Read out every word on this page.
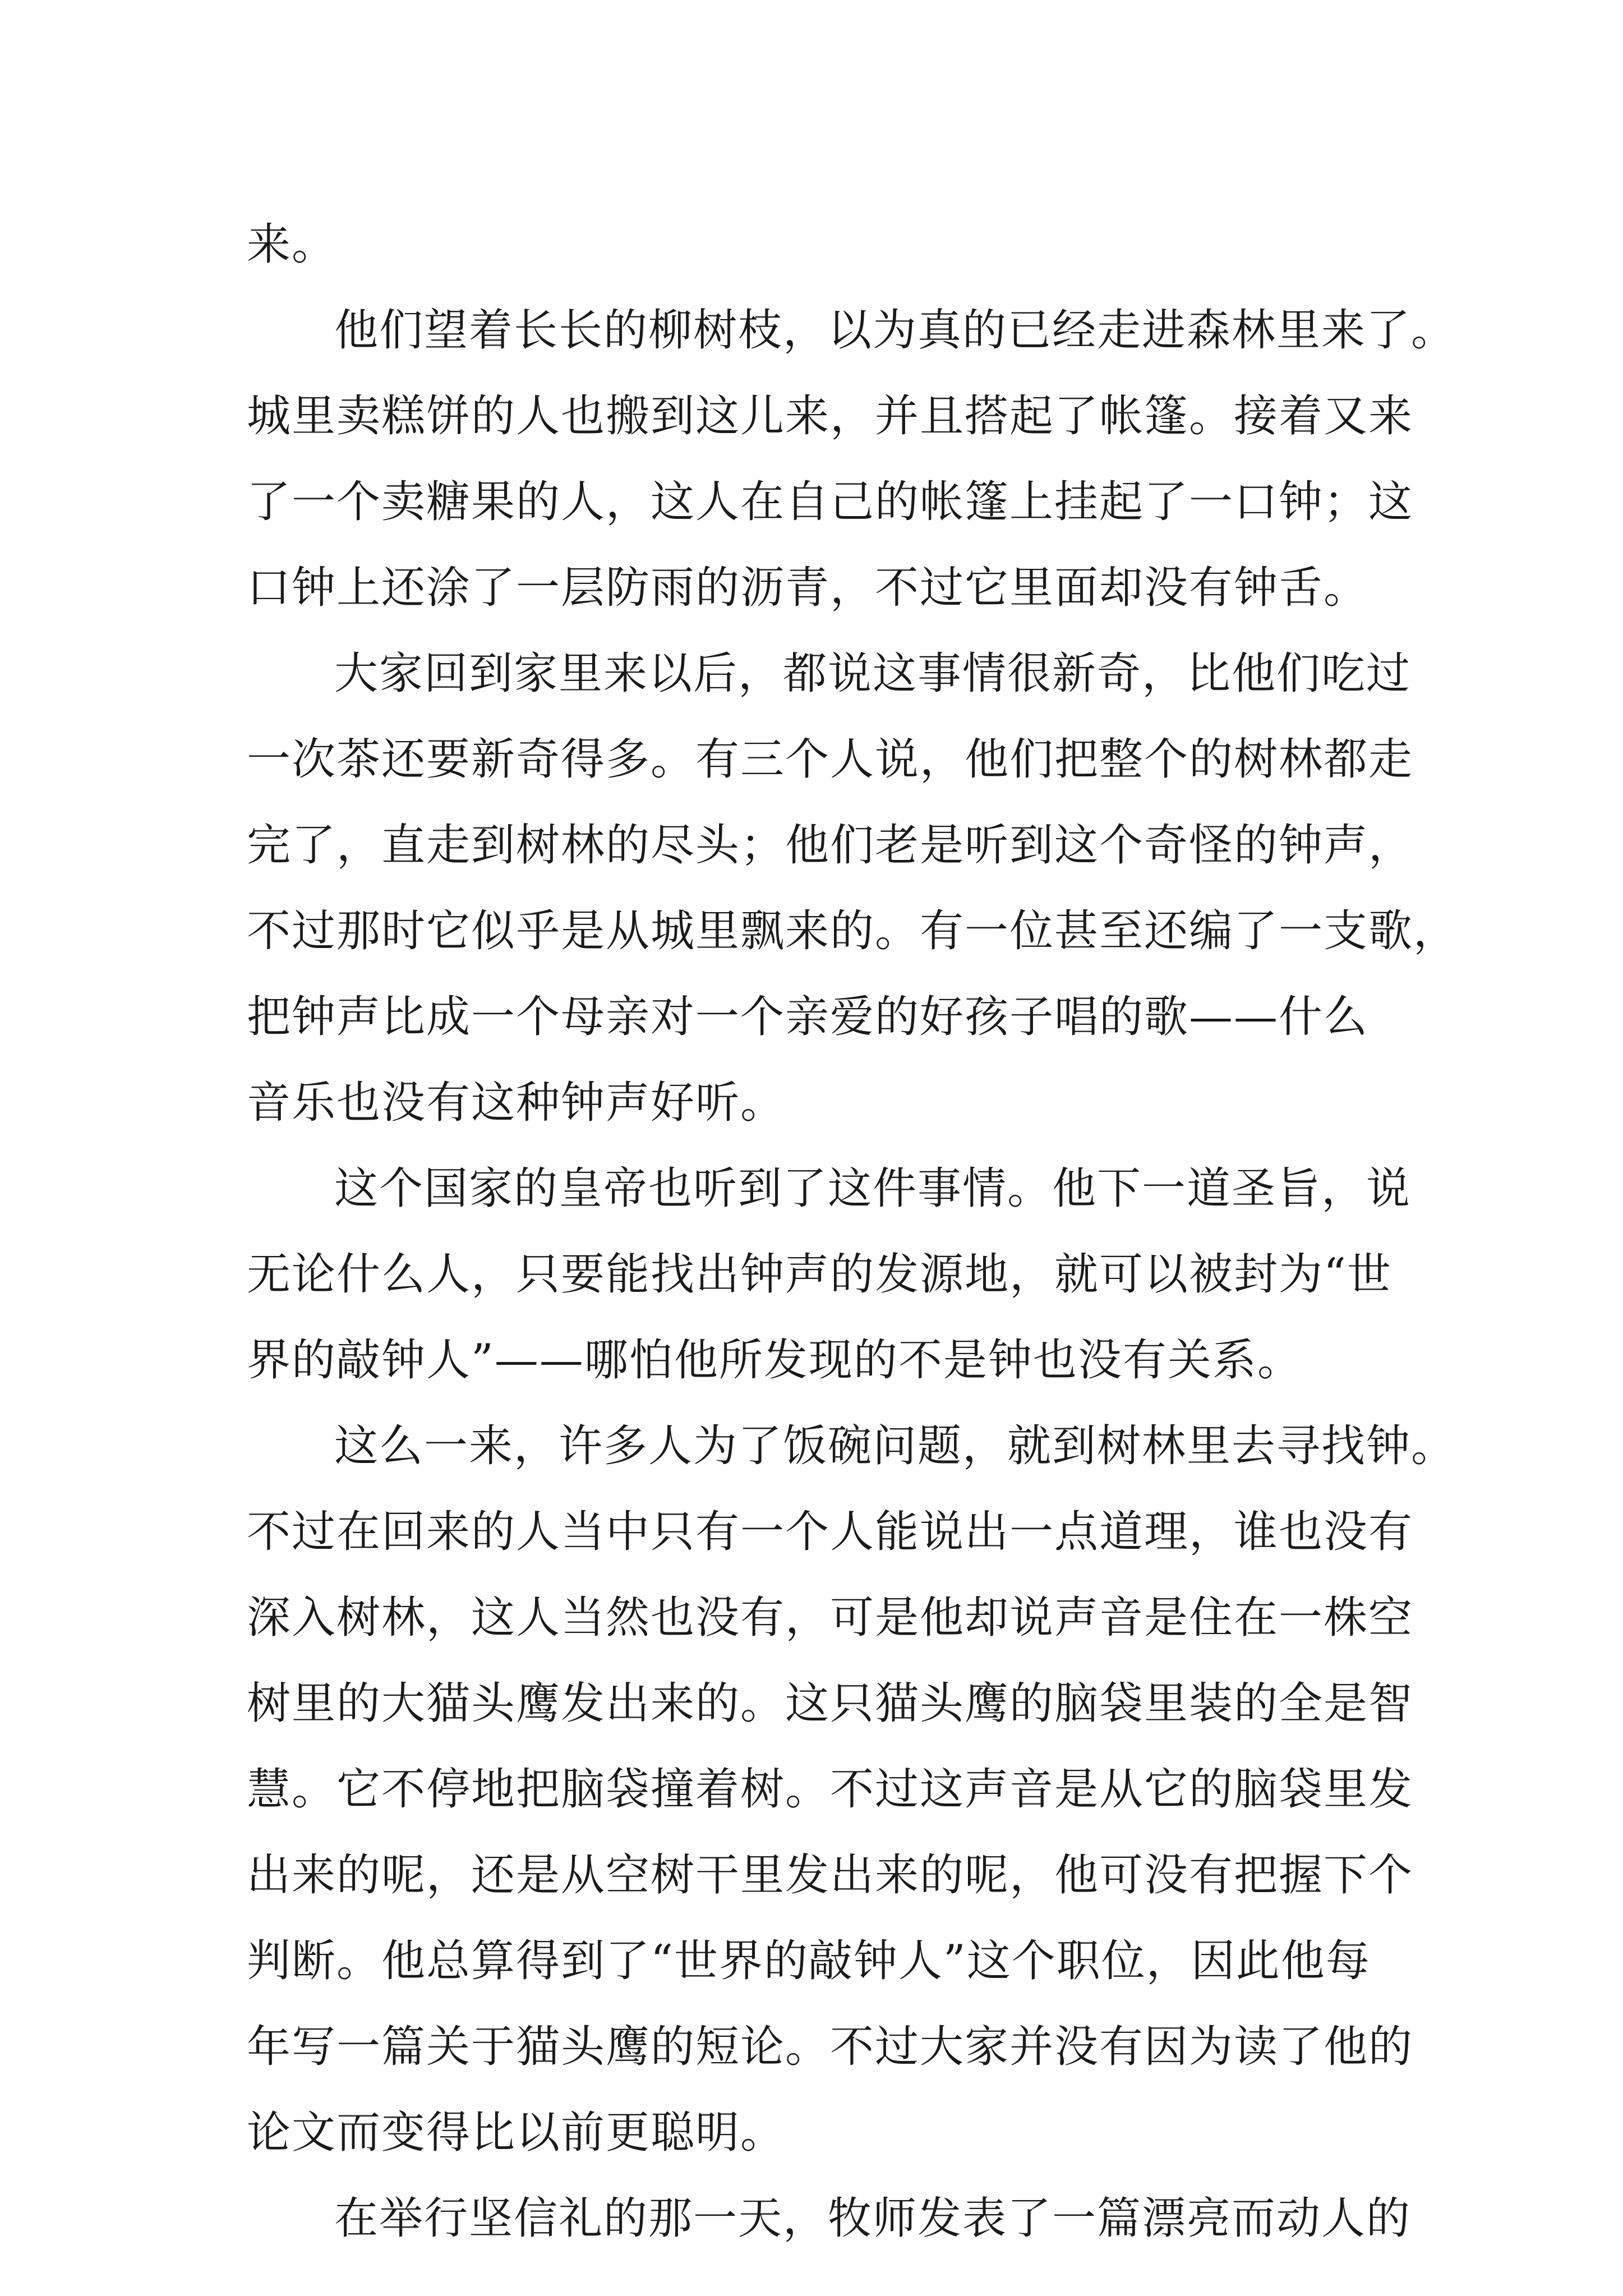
来。
他们望着长长的柳树枝，以为真的已经走进森林里来了。
城里卖糕饼的人也搬到这儿来，并且搭起了帐篷。接着又来
了一个卖糖果的人，这人在自己的帐篷上挂起了一口钟；这
口钟上还涂了一层防雨的沥青，不过它里面却没有钟舌。
大家回到家里来以后，都说这事情很新奇，比他们吃过
一次茶还要新奇得多。有三个人说，他们把整个的树林都走
完了，直走到树林的尽头；他们老是听到这个奇怪的钟声，
不过那时它似乎是从城里飘来的。有一位甚至还编了一支歌，
把钟声比成一个母亲对一个亲爱的好孩子唱的歌——什么
音乐也没有这种钟声好听。
这个国家的皇帝也听到了这件事情。他下一道圣旨，说
无论什么人，只要能找出钟声的发源地，就可以被封为“世
界的敲钟人”——哪怕他所发现的不是钟也没有关系。
这么一来，许多人为了饭碗问题，就到树林里去寻找钟。
不过在回来的人当中只有一个人能说出一点道理，谁也没有
深入树林，这人当然也没有，可是他却说声音是住在一株空
树里的大猫头鹰发出来的。这只猫头鹰的脑袋里装的全是智
慧。它不停地把脑袋撞着树。不过这声音是从它的脑袋里发
出来的呢，还是从空树干里发出来的呢，他可没有把握下个
判断。他总算得到了“世界的敲钟人”这个职位，因此他每
年写一篇关于猫头鹰的短论。不过大家并没有因为读了他的
论文而变得比以前更聪明。
在举行坚信礼的那一天，牧师发表了一篇漂亮而动人的
